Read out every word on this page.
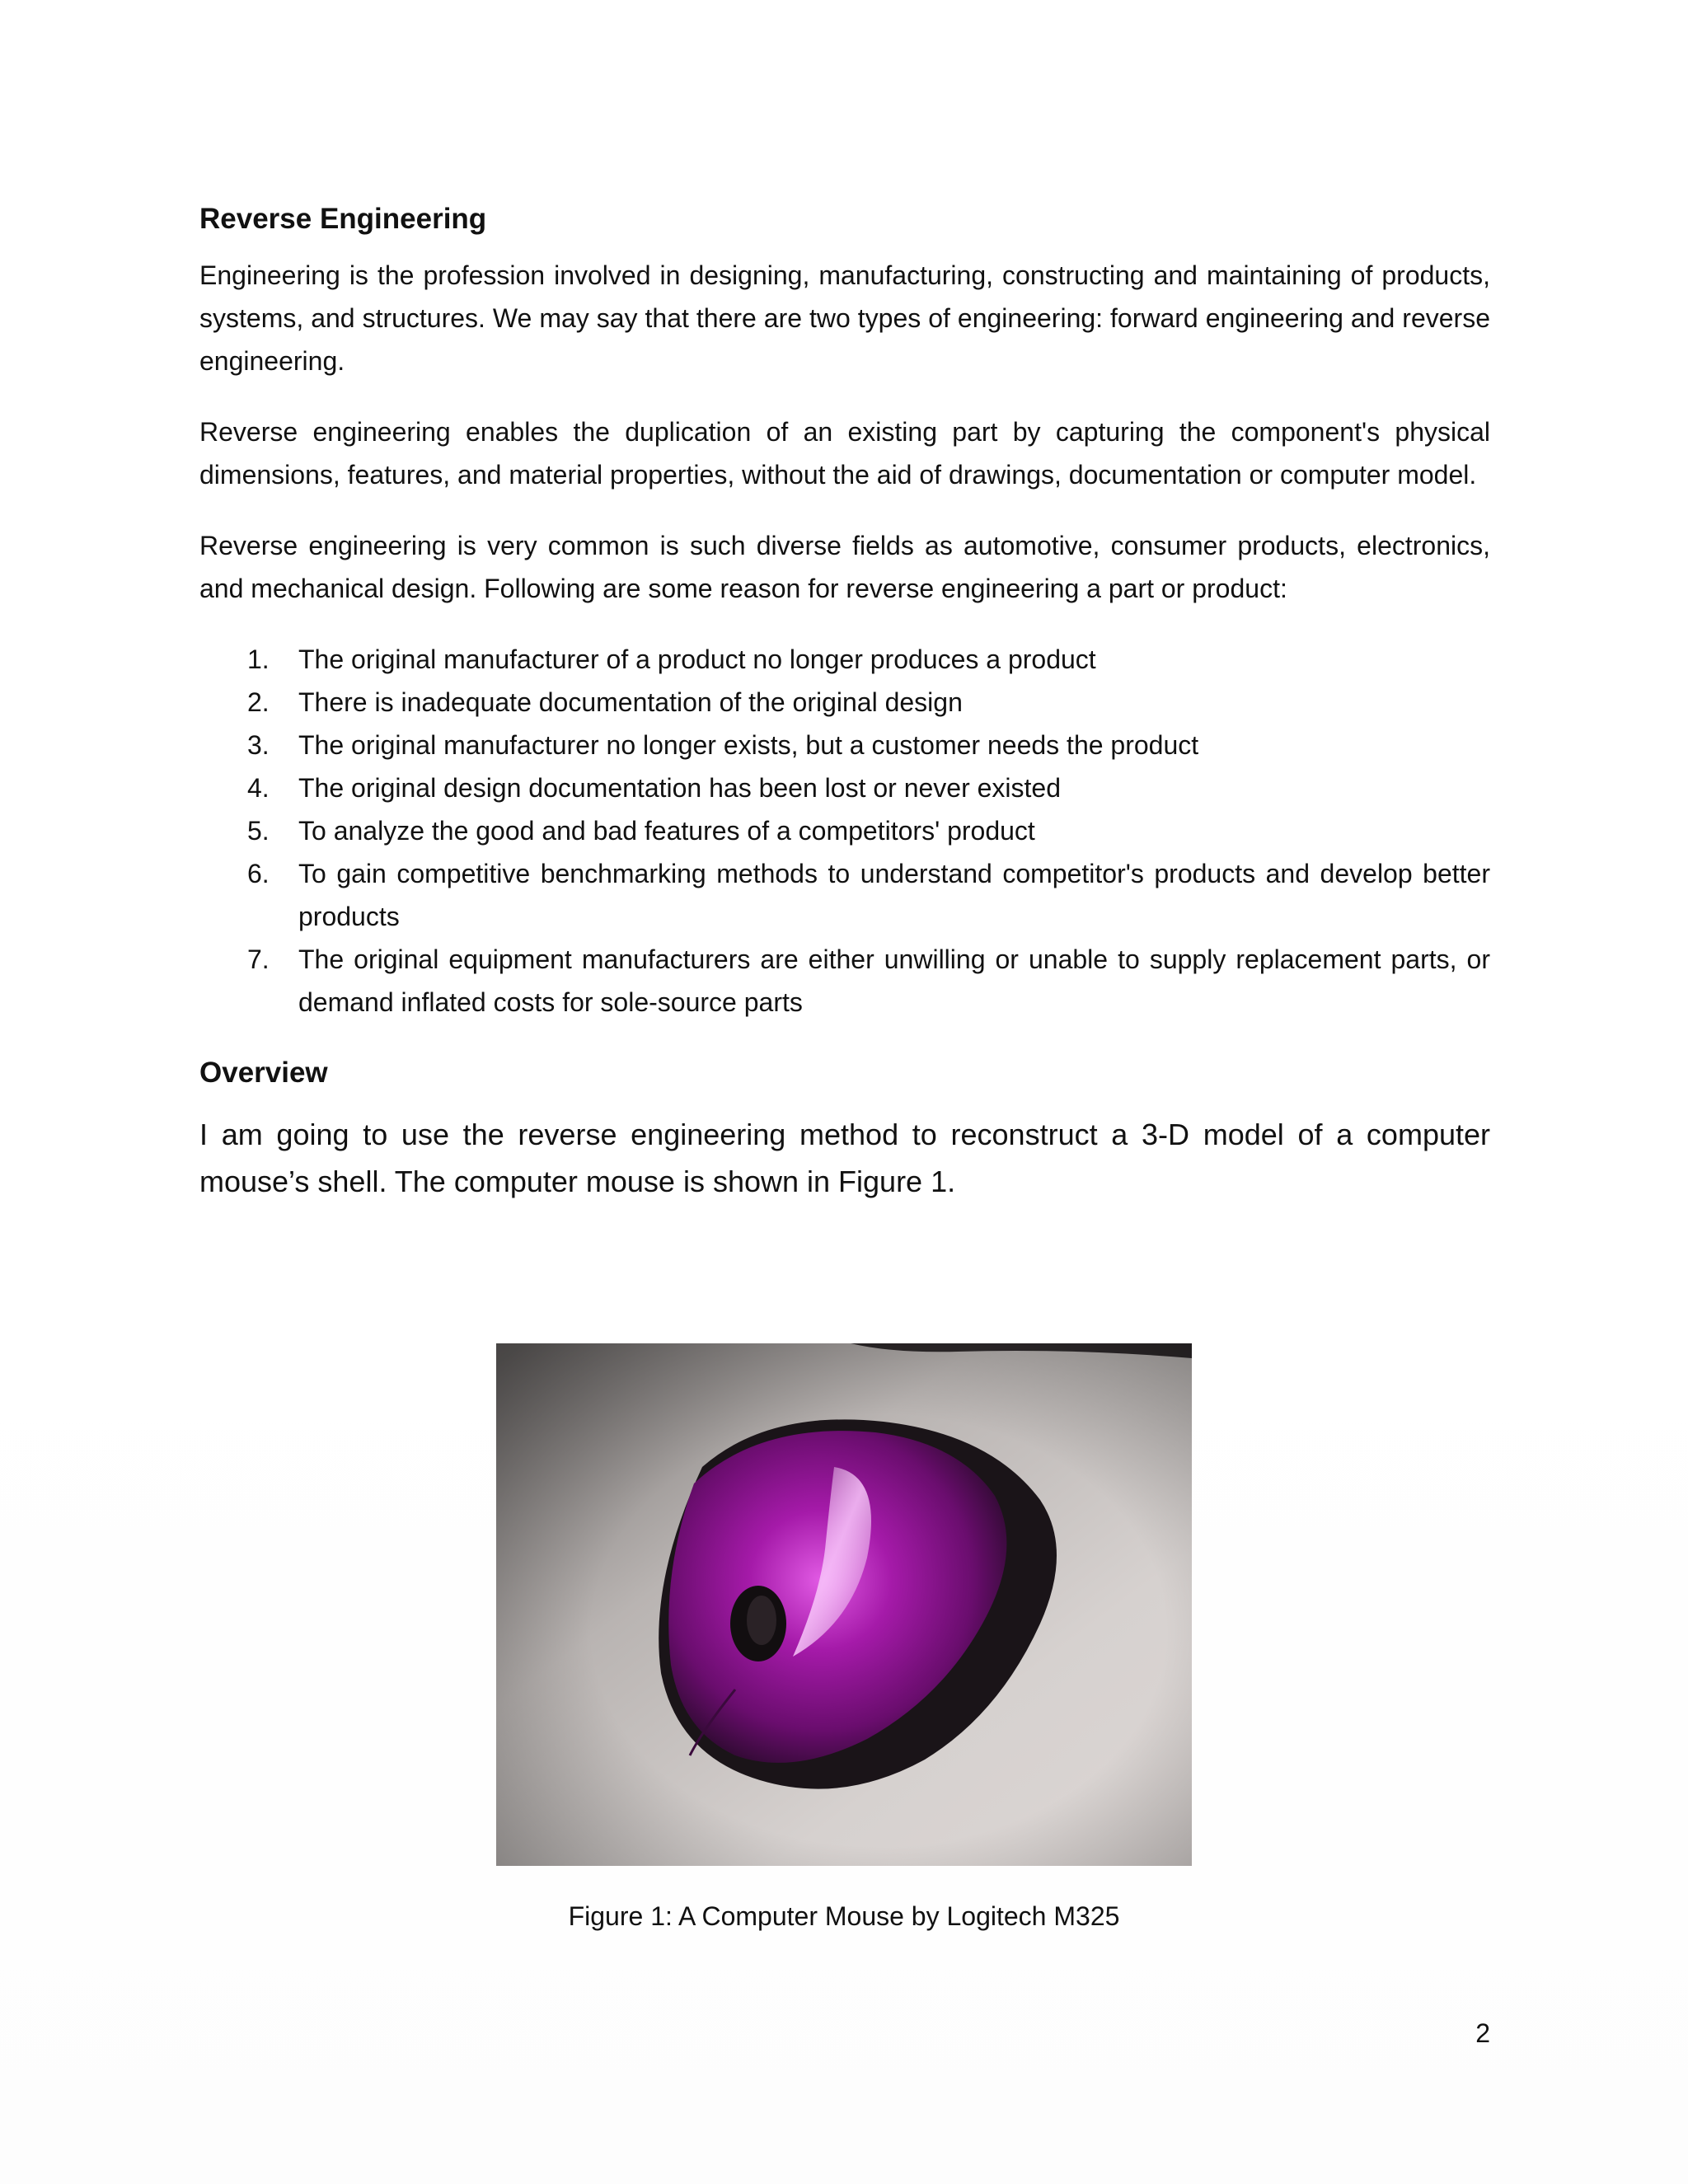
Reverse Engineering

Engineering is the profession involved in designing, manufacturing, constructing and maintaining of products, systems, and structures. We may say that there are two types of engineering: forward engineering and reverse engineering.

Reverse engineering enables the duplication of an existing part by capturing the component's physical dimensions, features, and material properties, without the aid of drawings, documentation or computer model.

Reverse engineering is very common is such diverse fields as automotive, consumer products, electronics, and mechanical design. Following are some reason for reverse engineering a part or product:

1. The original manufacturer of a product no longer produces a product
2. There is inadequate documentation of the original design
3. The original manufacturer no longer exists, but a customer needs the product
4. The original design documentation has been lost or never existed
5. To analyze the good and bad features of a competitors' product
6. To gain competitive benchmarking methods to understand competitor's products and develop better products
7. The original equipment manufacturers are either unwilling or unable to supply replacement parts, or demand inflated costs for sole-source parts
Overview

I am going to use the reverse engineering method to reconstruct a 3-D model of a computer mouse’s shell. The computer mouse is shown in Figure 1.

Figure 1: A Computer Mouse by Logitech M325
2
